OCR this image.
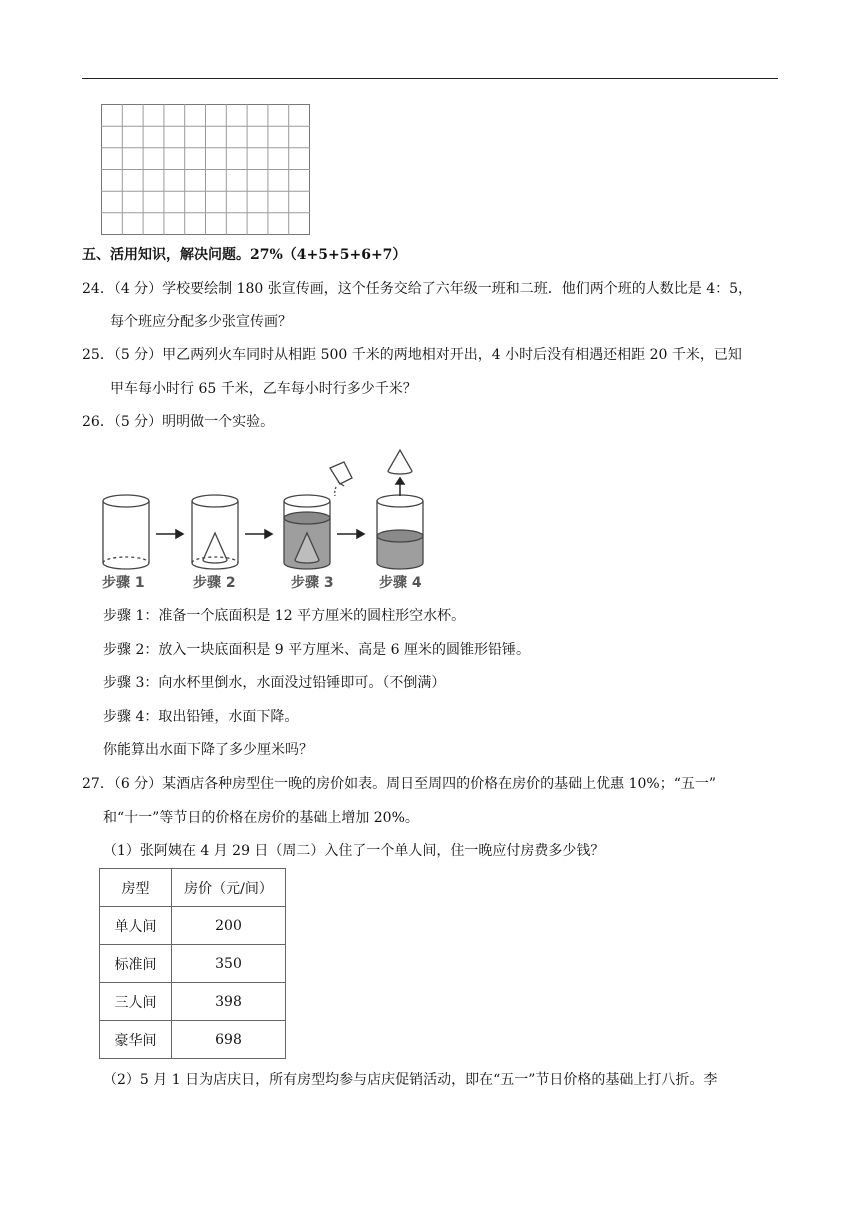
五、活用知识，解决问题。27%（4+5+5+6+7）
24．（4 分）学校要绘制 180 张宣传画，这个任务交给了六年级一班和二班．他们两个班的人数比是 4：5，
每个班应分配多少张宣传画？
25．（5 分）甲乙两列火车同时从相距 500 千米的两地相对开出，4 小时后没有相遇还相距 20 千米，已知
甲车每小时行 65 千米，乙车每小时行多少千米？
26．（5 分）明明做一个实验。
步骤 1	步骤 2	步骤 3	步骤 4
步骤 1：准备一个底面积是 12 平方厘米的圆柱形空水杯。
步骤 2：放入一块底面积是 9 平方厘米、高是 6 厘米的圆锥形铅锤。
步骤 3：向水杯里倒水，水面没过铅锤即可。（不倒满）
步骤 4：取出铅锤，水面下降。
你能算出水面下降了多少厘米吗？
27．（6 分）某酒店各种房型住一晚的房价如表。周日至周四的价格在房价的基础上优惠 10%；“五一”
和“十一”等节日的价格在房价的基础上增加 20%。
（1）张阿姨在 4 月 29 日（周二）入住了一个单人间，住一晚应付房费多少钱？
房型	房价（元/间）
单人间	200
标准间	350
三人间	398
豪华间	698
（2）5 月 1 日为店庆日，所有房型均参与店庆促销活动，即在“五一”节日价格的基础上打八折。李
